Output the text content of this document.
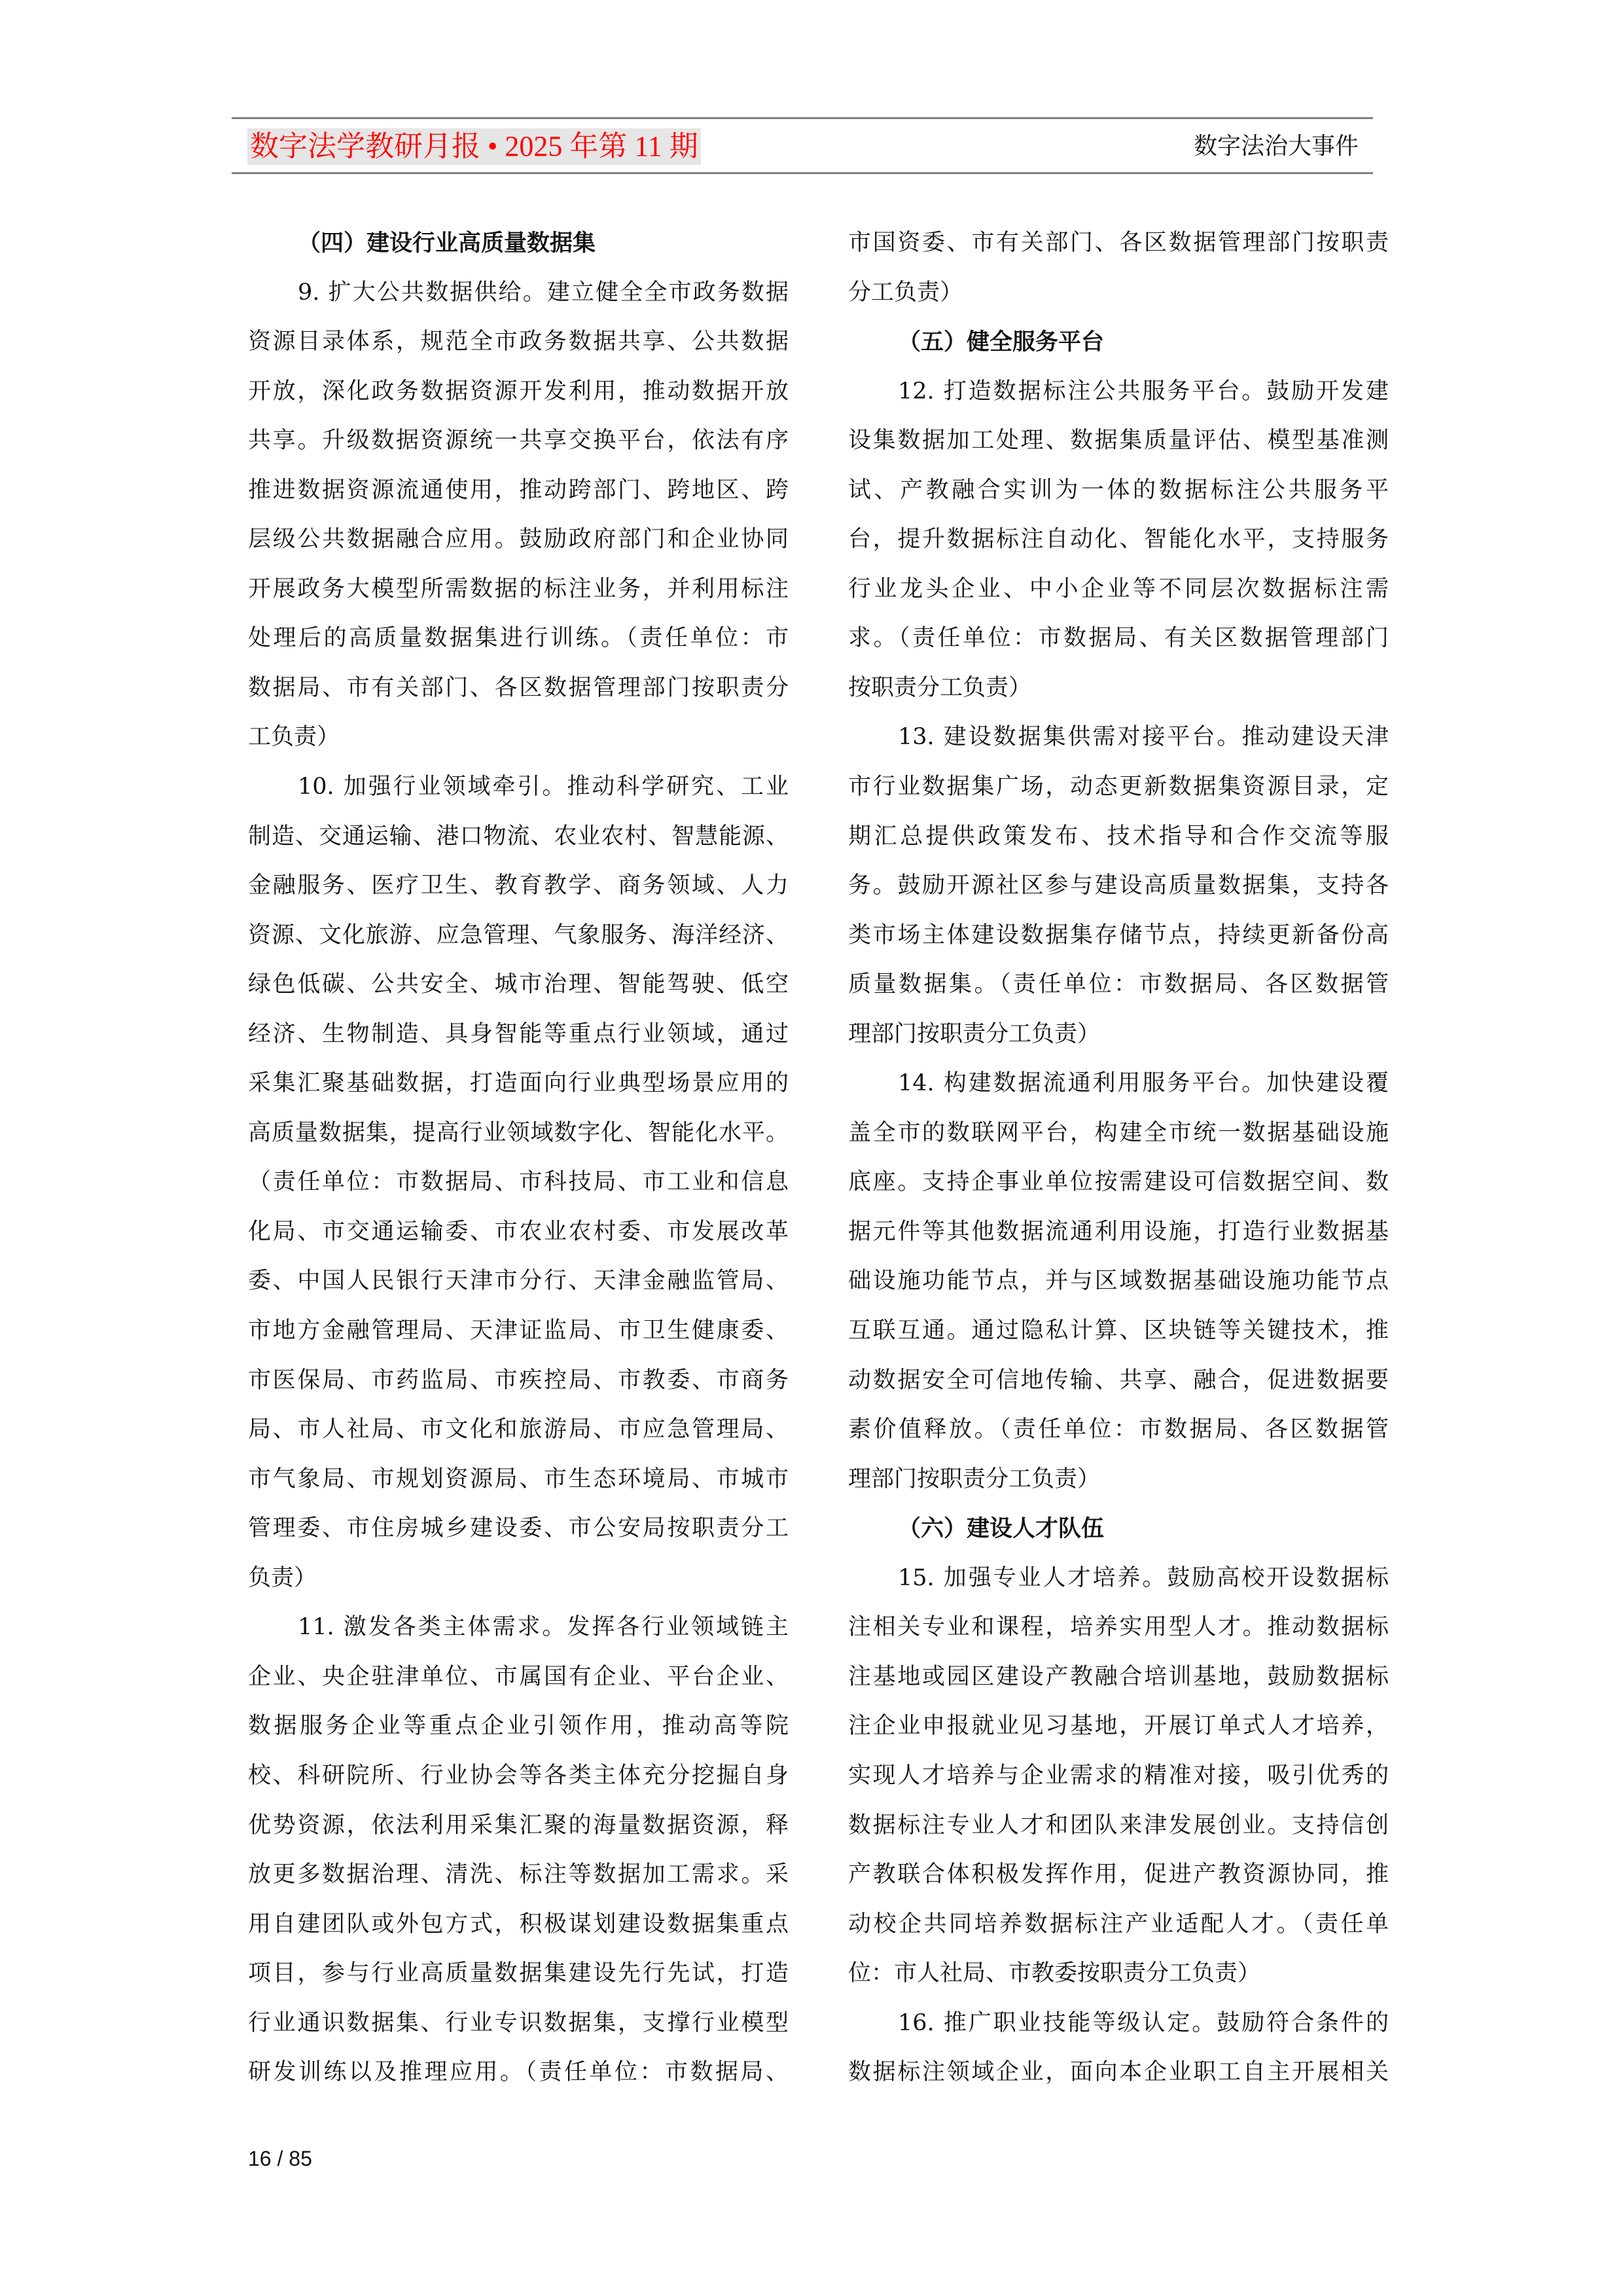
数字法学教研月报 • 2025 年第 11 期	数字法治大事件
（四）建设行业高质量数据集
9. 扩大公共数据供给。建立健全全市政务数据
资源目录体系，规范全市政务数据共享、公共数据
开放，深化政务数据资源开发利用，推动数据开放
共享。升级数据资源统一共享交换平台，依法有序
推进数据资源流通使用，推动跨部门、跨地区、跨
层级公共数据融合应用。鼓励政府部门和企业协同
开展政务大模型所需数据的标注业务，并利用标注
处理后的高质量数据集进行训练。（责任单位：市
数据局、市有关部门、各区数据管理部门按职责分
工负责）
10. 加强行业领域牵引。推动科学研究、工业
制造、交通运输、港口物流、农业农村、智慧能源、
金融服务、医疗卫生、教育教学、商务领域、人力
资源、文化旅游、应急管理、气象服务、海洋经济、
绿色低碳、公共安全、城市治理、智能驾驶、低空
经济、生物制造、具身智能等重点行业领域，通过
采集汇聚基础数据，打造面向行业典型场景应用的
高质量数据集，提高行业领域数字化、智能化水平。
（责任单位：市数据局、市科技局、市工业和信息
化局、市交通运输委、市农业农村委、市发展改革
委、中国人民银行天津市分行、天津金融监管局、
市地方金融管理局、天津证监局、市卫生健康委、
市医保局、市药监局、市疾控局、市教委、市商务
局、市人社局、市文化和旅游局、市应急管理局、
市气象局、市规划资源局、市生态环境局、市城市
管理委、市住房城乡建设委、市公安局按职责分工
负责）
11. 激发各类主体需求。发挥各行业领域链主
企业、央企驻津单位、市属国有企业、平台企业、
数据服务企业等重点企业引领作用，推动高等院
校、科研院所、行业协会等各类主体充分挖掘自身
优势资源，依法利用采集汇聚的海量数据资源，释
放更多数据治理、清洗、标注等数据加工需求。采
用自建团队或外包方式，积极谋划建设数据集重点
项目，参与行业高质量数据集建设先行先试，打造
行业通识数据集、行业专识数据集，支撑行业模型
研发训练以及推理应用。（责任单位：市数据局、
市国资委、市有关部门、各区数据管理部门按职责
分工负责）
（五）健全服务平台
12. 打造数据标注公共服务平台。鼓励开发建
设集数据加工处理、数据集质量评估、模型基准测
试、产教融合实训为一体的数据标注公共服务平
台，提升数据标注自动化、智能化水平，支持服务
行业龙头企业、中小企业等不同层次数据标注需
求。（责任单位：市数据局、有关区数据管理部门
按职责分工负责）
13. 建设数据集供需对接平台。推动建设天津
市行业数据集广场，动态更新数据集资源目录，定
期汇总提供政策发布、技术指导和合作交流等服
务。鼓励开源社区参与建设高质量数据集，支持各
类市场主体建设数据集存储节点，持续更新备份高
质量数据集。（责任单位：市数据局、各区数据管
理部门按职责分工负责）
14. 构建数据流通利用服务平台。加快建设覆
盖全市的数联网平台，构建全市统一数据基础设施
底座。支持企事业单位按需建设可信数据空间、数
据元件等其他数据流通利用设施，打造行业数据基
础设施功能节点，并与区域数据基础设施功能节点
互联互通。通过隐私计算、区块链等关键技术，推
动数据安全可信地传输、共享、融合，促进数据要
素价值释放。（责任单位：市数据局、各区数据管
理部门按职责分工负责）
（六）建设人才队伍
15. 加强专业人才培养。鼓励高校开设数据标
注相关专业和课程，培养实用型人才。推动数据标
注基地或园区建设产教融合培训基地，鼓励数据标
注企业申报就业见习基地，开展订单式人才培养，
实现人才培养与企业需求的精准对接，吸引优秀的
数据标注专业人才和团队来津发展创业。支持信创
产教联合体积极发挥作用，促进产教资源协同，推
动校企共同培养数据标注产业适配人才。（责任单
位：市人社局、市教委按职责分工负责）
16. 推广职业技能等级认定。鼓励符合条件的
数据标注领域企业，面向本企业职工自主开展相关
16 / 85
